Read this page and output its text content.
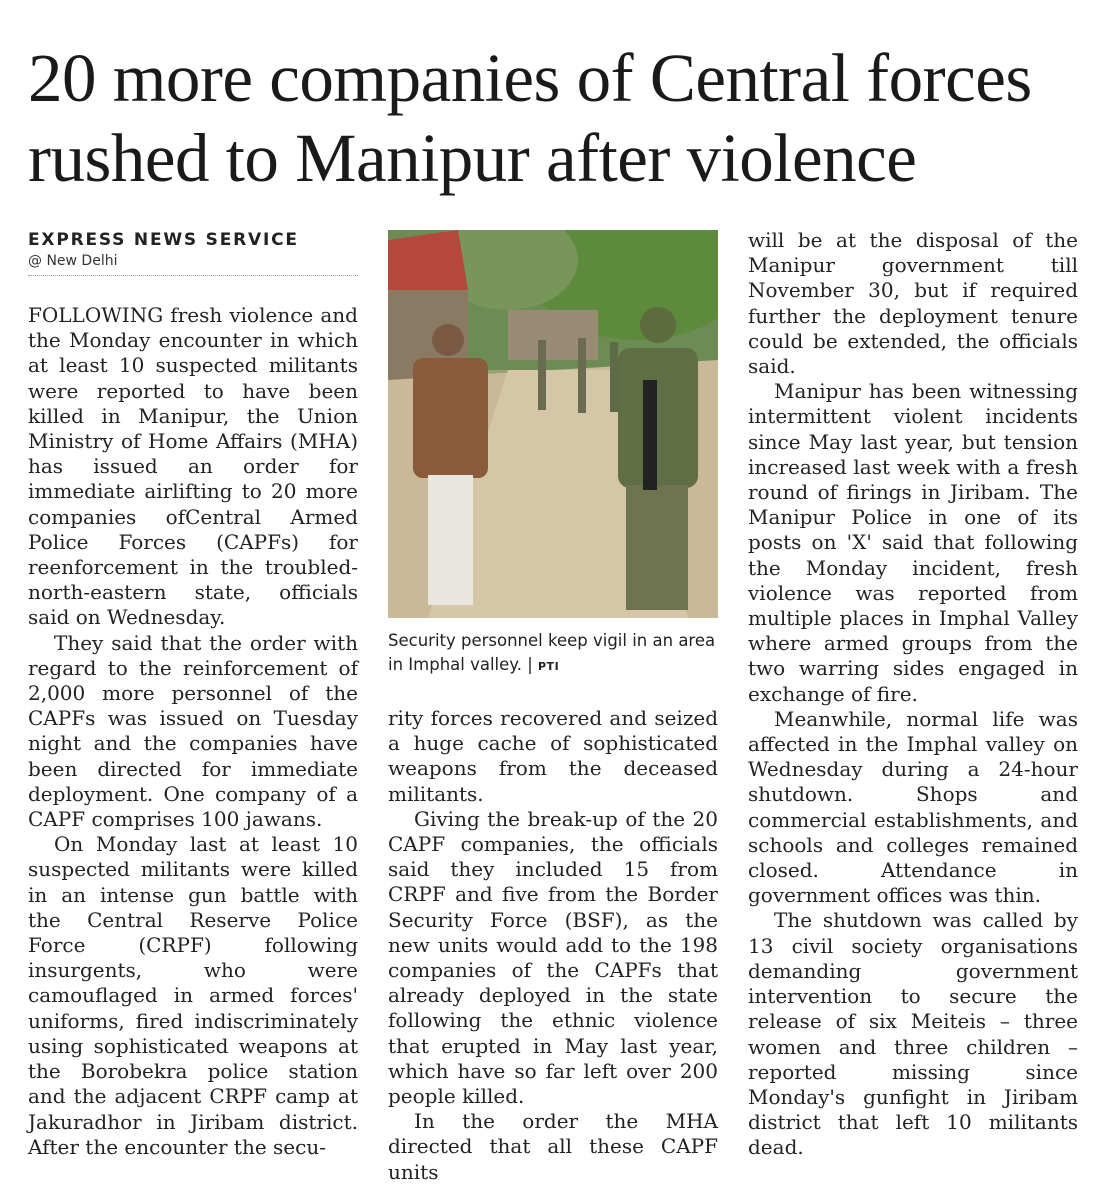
20 more companies of Central forces
rushed to Manipur after violence
EXPRESS NEWS SERVICE
@ New Delhi

FOLLOWING fresh violence and the Monday encounter in which at least 10 suspected militants were reported to have been killed in Manipur, the Union Ministry of Home Affairs (MHA) has issued an order for immediate airlifting to 20 more companies ofCentral Armed Police Forces (CAPFs) for reenforcement in the troubled-north-eastern state, officials said on Wednesday.

They said that the order with regard to the reinforcement of 2,000 more personnel of the CAPFs was issued on Tuesday night and the companies have been directed for immediate deployment. One company of a CAPF comprises 100 jawans.

On Monday last at least 10 suspected militants were killed in an intense gun battle with the Central Reserve Police Force (CRPF) following insurgents, who were camouflaged in armed forces' uniforms, fired indiscriminately using sophisticated weapons at the Borobekra police station and the adjacent CRPF camp at Jakuradhor in Jiribam district. After the encounter the secu-

Security personnel keep vigil in an area in Imphal valley. | PTI

rity forces recovered and seized a huge cache of sophisticated weapons from the deceased militants.

Giving the break-up of the 20 CAPF companies, the officials said they included 15 from CRPF and five from the Border Security Force (BSF), as the new units would add to the 198 companies of the CAPFs that already deployed in the state following the ethnic violence that erupted in May last year, which have so far left over 200 people killed.

In the order the MHA directed that all these CAPF units

will be at the disposal of the Manipur government till November 30, but if required further the deployment tenure could be extended, the officials said.

Manipur has been witnessing intermittent violent incidents since May last year, but tension increased last week with a fresh round of firings in Jiribam. The Manipur Police in one of its posts on 'X' said that following the Monday incident, fresh violence was reported from multiple places in Imphal Valley where armed groups from the two warring sides engaged in exchange of fire.

Meanwhile, normal life was affected in the Imphal valley on Wednesday during a 24-hour shutdown. Shops and commercial establishments, and schools and colleges remained closed. Attendance in government offices was thin.

The shutdown was called by 13 civil society organisations demanding government intervention to secure the release of six Meiteis – three women and three children – reported missing since Monday's gunfight in Jiribam district that left 10 militants dead.
